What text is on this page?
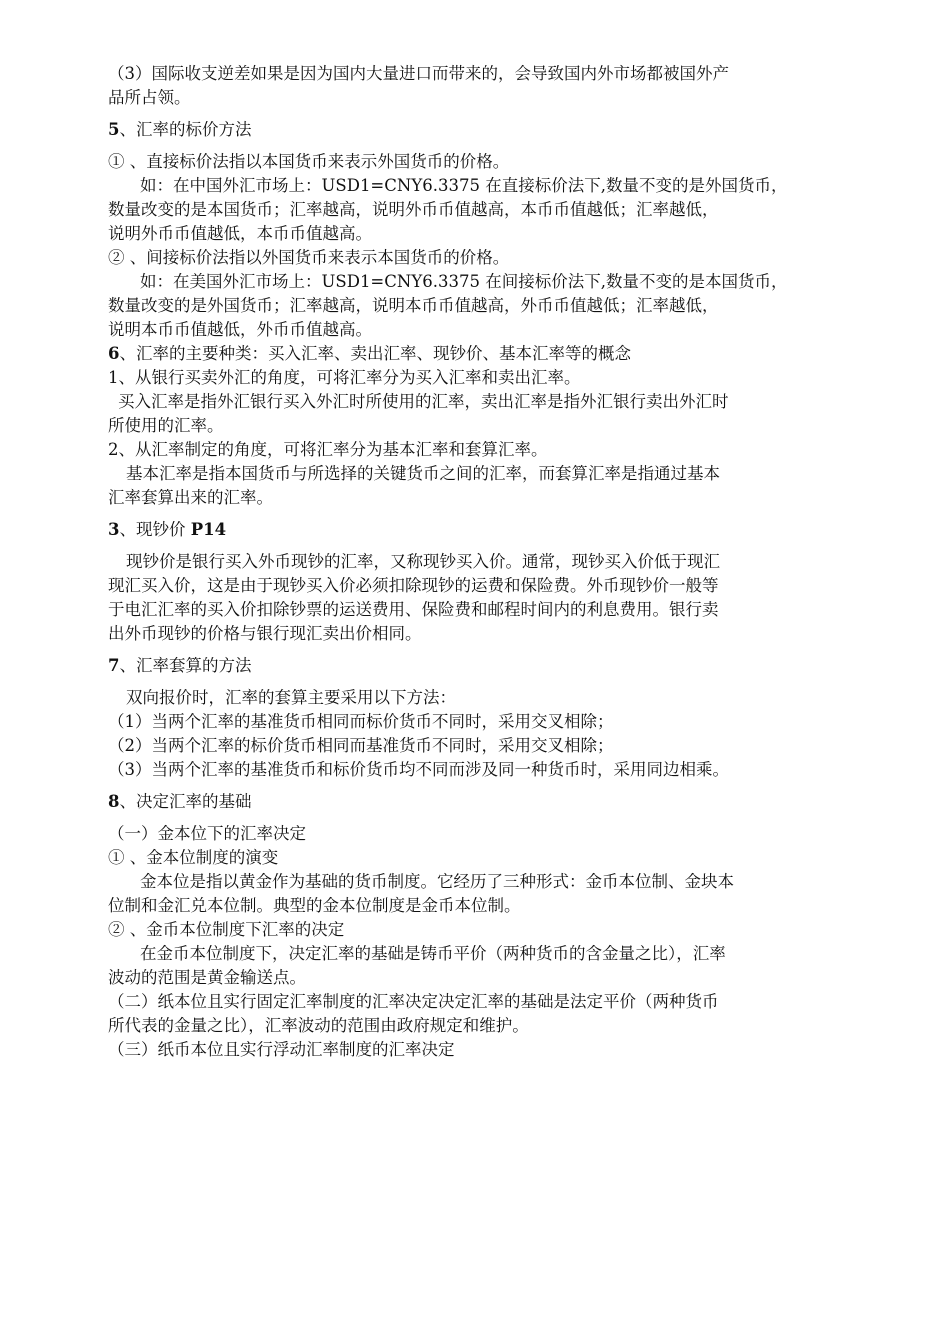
（3）国际收支逆差如果是因为国内大量进口而带来的，会导致国内外市场都被国外产

品所占领。

5、汇率的标价方法

① 、直接标价法指以本国货币来表示外国货币的价格。

如：在中国外汇市场上：USD1=CNY6.3375 在直接标价法下,数量不变的是外国货币，

数量改变的是本国货币；汇率越高，说明外币币值越高，本币币值越低；汇率越低，

说明外币币值越低，本币币值越高。

② 、间接标价法指以外国货币来表示本国货币的价格。

如：在美国外汇市场上：USD1=CNY6.3375 在间接标价法下,数量不变的是本国货币，

数量改变的是外国货币；汇率越高，说明本币币值越高，外币币值越低；汇率越低，

说明本币币值越低，外币币值越高。

6、汇率的主要种类：买入汇率、卖出汇率、现钞价、基本汇率等的概念

1、从银行买卖外汇的角度，可将汇率分为买入汇率和卖出汇率。

买入汇率是指外汇银行买入外汇时所使用的汇率，卖出汇率是指外汇银行卖出外汇时

所使用的汇率。

2、从汇率制定的角度，可将汇率分为基本汇率和套算汇率。

基本汇率是指本国货币与所选择的关键货币之间的汇率，而套算汇率是指通过基本

汇率套算出来的汇率。

3、现钞价 P14

现钞价是银行买入外币现钞的汇率，又称现钞买入价。通常，现钞买入价低于现汇

现汇买入价，这是由于现钞买入价必须扣除现钞的运费和保险费。外币现钞价一般等

于电汇汇率的买入价扣除钞票的运送费用、保险费和邮程时间内的利息费用。银行卖

出外币现钞的价格与银行现汇卖出价相同。

7、汇率套算的方法

双向报价时，汇率的套算主要采用以下方法：

（1）当两个汇率的基准货币相同而标价货币不同时，采用交叉相除；

（2）当两个汇率的标价货币相同而基准货币不同时，采用交叉相除；

（3）当两个汇率的基准货币和标价货币均不同而涉及同一种货币时，采用同边相乘。

8、决定汇率的基础

（一）金本位下的汇率决定

① 、金本位制度的演变

金本位是指以黄金作为基础的货币制度。它经历了三种形式：金币本位制、金块本

位制和金汇兑本位制。典型的金本位制度是金币本位制。

② 、金币本位制度下汇率的决定

在金币本位制度下，决定汇率的基础是铸币平价（两种货币的含金量之比），汇率

波动的范围是黄金输送点。

（二）纸本位且实行固定汇率制度的汇率决定决定汇率的基础是法定平价（两种货币

所代表的金量之比），汇率波动的范围由政府规定和维护。

（三）纸币本位且实行浮动汇率制度的汇率决定
